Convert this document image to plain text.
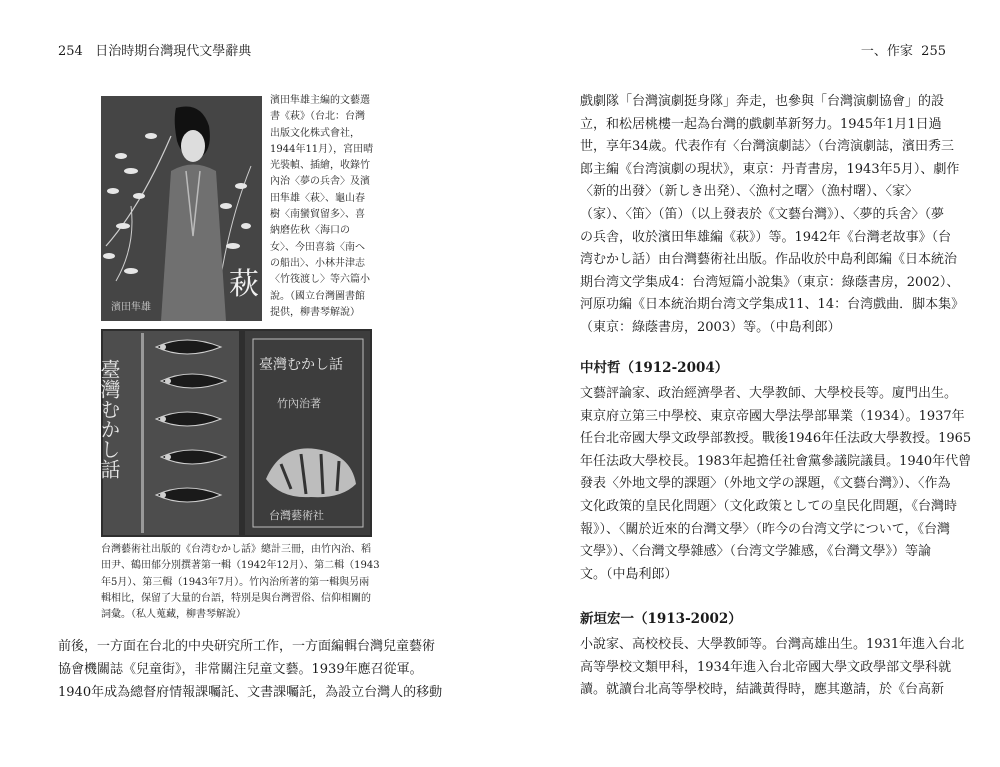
254 日治時期台灣現代文學辭典	一、作家 255
萩
濱田隼雄
濱田隼雄主編的文藝選
書《萩》（台北：台灣
出版文化株式會社，
1944年11月），宮田晴
光裝幀、插繪，收錄竹
內治〈夢の兵舎〉及濱
田隼雄〈萩〉、龜山春
樹〈南蠻貿留多〉、喜
納磨佐秋〈海口の
女〉、今田喜翁〈南へ
の船出〉、小林井津志
〈竹筏渡し〉等六篇小
說。（國立台灣圖書館
提供，柳書琴解說）
臺灣むかし話	臺灣むかし話
竹內治著
台灣藝術社
台灣藝術社出版的《台湾むかし話》總計三冊，由竹內治、稻
田尹、鶴田郁分別撰著第一輯（1942年12月）、第二輯（1943
年5月）、第三輯（1943年7月）。竹內治所著的第一輯與另兩
輯相比，保留了大量的台語，特別是與台灣習俗、信仰相關的
詞彙。（私人蒐藏，柳書琴解說）
前後，一方面在台北的中央研究所工作，一方面編輯台灣兒童藝術
協會機關誌《兒童街》，非常關注兒童文藝。1939年應召從軍。
1940年成為總督府情報課囑託、文書課囑託，為設立台灣人的移動
戲劇隊「台灣演劇挺身隊」奔走，也參與「台灣演劇協會」的設
立，和松居桃樓一起為台灣的戲劇革新努力。1945年1月1日過
世，享年34歲。代表作有〈台灣演劇誌〉（台湾演劇誌，濱田秀三
郎主編《台湾演劇の現状》，東京：丹青書房，1943年5月）、劇作
〈新的出發〉（新しき出発）、〈漁村之曙〉（漁村曙）、〈家〉
（家）、〈笛〉（笛）（以上發表於《文藝台灣》）、〈夢的兵舍〉（夢
の兵舎，收於濱田隼雄編《萩》）等。1942年《台灣老故事》（台
湾むかし話）由台灣藝術社出版。作品收於中島利郎編《日本統治
期台湾文学集成4：台湾短篇小說集》（東京：綠蔭書房，2002）、
河原功編《日本統治期台湾文学集成11、14：台湾戲曲．脚本集》
（東京：綠蔭書房，2003）等。（中島利郎）
中村哲（1912-2004）
文藝評論家、政治經濟學者、大學教師、大學校長等。廈門出生。
東京府立第三中學校、東京帝國大學法學部畢業（1934）。1937年
任台北帝國大學文政學部教授。戰後1946年任法政大學教授。1965
年任法政大學校長。1983年起擔任社會黨參議院議員。1940年代曾
發表〈外地文學的課題〉（外地文学の課題，《文藝台灣》）、〈作為
文化政策的皇民化問題〉（文化政策としての皇民化問題，《台灣時
報》）、〈關於近來的台灣文學〉（昨今の台湾文学について，《台灣
文學》）、〈台灣文學雜感〉（台湾文学雑感，《台灣文學》）等論
文。（中島利郎）
新垣宏一（1913-2002）
小說家、高校校長、大學教師等。台灣高雄出生。1931年進入台北
高等學校文類甲科，1934年進入台北帝國大學文政學部文學科就
讀。就讀台北高等學校時，結識黃得時，應其邀請，於《台高新
